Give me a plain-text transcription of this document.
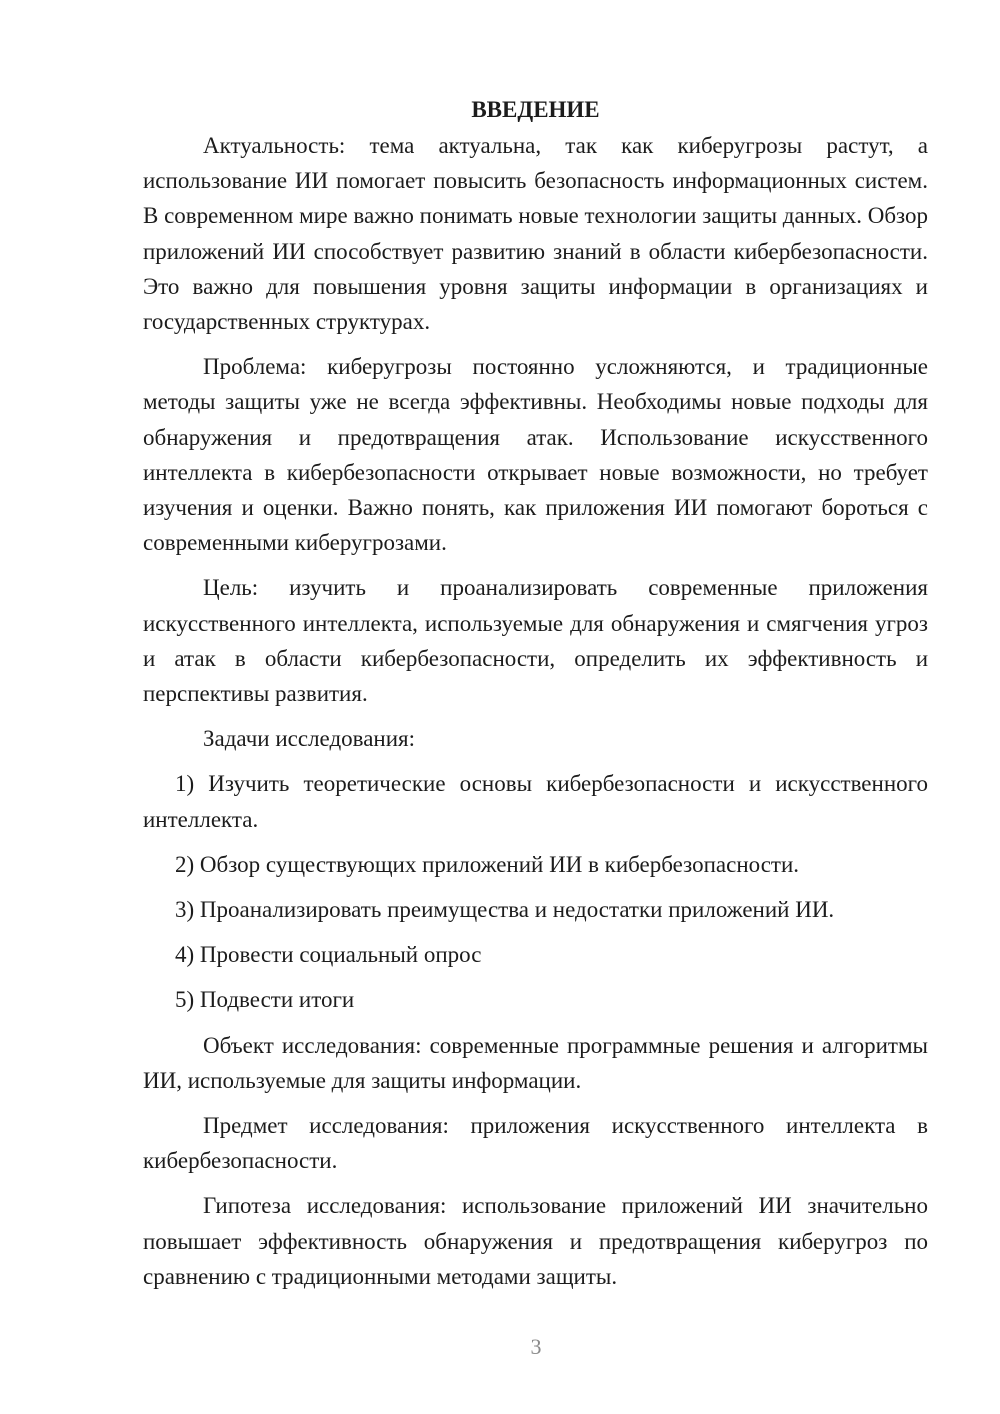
ВВЕДЕНИЕ

Актуальность: тема актуальна, так как киберугрозы растут, а использование ИИ помогает повысить безопасность информационных систем. В современном мире важно понимать новые технологии защиты данных. Обзор приложений ИИ способствует развитию знаний в области кибербезопасности. Это важно для повышения уровня защиты информации в организациях и государственных структурах.

Проблема: киберугрозы постоянно усложняются, и традиционные методы защиты уже не всегда эффективны. Необходимы новые подходы для обнаружения и предотвращения атак. Использование искусственного интеллекта в кибербезопасности открывает новые возможности, но требует изучения и оценки. Важно понять, как приложения ИИ помогают бороться с современными киберугрозами.

Цель: изучить и проанализировать современные приложения искусственного интеллекта, используемые для обнаружения и смягчения угроз и атак в области кибербезопасности, определить их эффективность и перспективы развития.

Задачи исследования:

1) Изучить теоретические основы кибербезопасности и искусственного интеллекта.

2) Обзор существующих приложений ИИ в кибербезопасности.

3) Проанализировать преимущества и недостатки приложений ИИ.

4) Провести социальный опрос

5) Подвести итоги

Объект исследования: современные программные решения и алгоритмы ИИ, используемые для защиты информации.

Предмет исследования: приложения искусственного интеллекта в кибербезопасности.

Гипотеза исследования: использование приложений ИИ значительно повышает эффективность обнаружения и предотвращения киберугроз по сравнению с традиционными методами защиты.

3
